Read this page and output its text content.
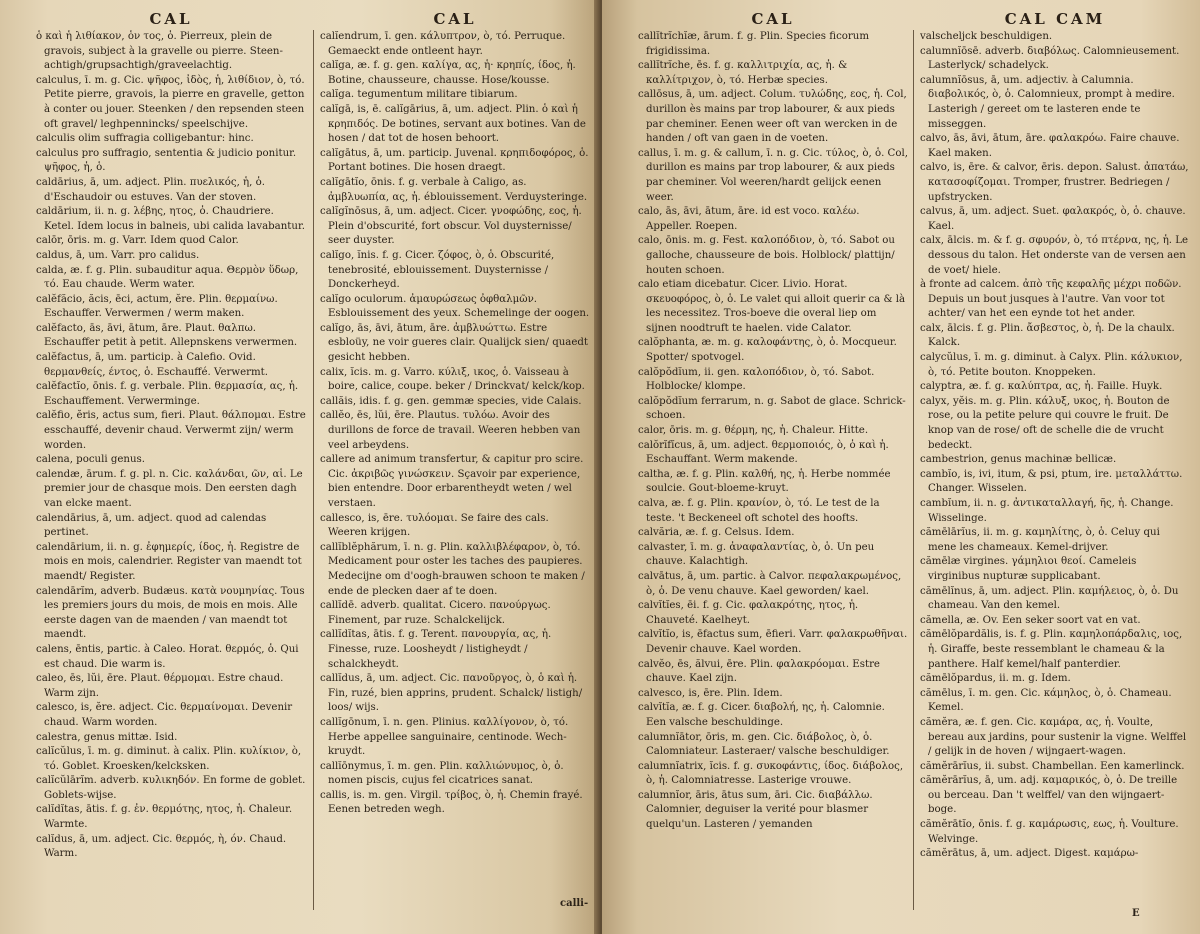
CAL

ὁ καὶ ἡ λιθίακον, ὁν τος, ὁ. Pierreux, plein de gravois, subject à la gravelle ou pierre. Steen-achtigh/grupsachtigh/graveelachtig.

calculus, ī. m. g. Cic. ψῆφος, ἰδὸς, ἡ, λιθίδιον, ὸ, τό. Petite pierre, gravois, la pierre en gravelle, getton à conter ou jouer. Steenken / den repsenden steen oft gravel/ leghpennincks/ speelschijve.

calculis olim suffragia colligebantur: hinc.

calculus pro suffragio, sententia & judicio ponitur. ψῆφος, ἡ, ὁ.

caldārius, ā, um. adject. Plin. πυελικός, ἡ, ὁ. d'Eschaudoir ou estuves. Van der stoven.

caldārium, ii. n. g. λέβης, ητος, ὁ. Chaudriere. Ketel. Idem locus in balneis, ubi calida lavabantur.

calōr, ōris. m. g. Varr. Idem quod Calor.

caldus, ā, um. Varr. pro calidus.

calda, æ. f. g. Plin. subauditur aqua. Θερμὸν ὕδωρ, τό. Eau chaude. Werm water.

calĕfăcio, ăcis, ēci, actum, ĕre. Plin. θερμαίνω. Eschauffer. Verwermen / werm maken.

calĕfacto, ās, āvi, ātum, āre. Plaut. θαλπω. Eschauffer petit à petit. Allepnskens verwermen.

calĕfactus, ā, um. particip. à Calefio. Ovid. θερμανθείς, έντος, ὁ. Eschauffé. Verwermt.

calĕfactĭo, ōnis. f. g. verbale. Plin. θερμασία, ας, ἡ. Eschauffement. Verwerminge.

calĕfio, ĕris, actus sum, fieri. Plaut. θάλπομαι. Estre esschauffé, devenir chaud. Verwermt zijn/ werm worden.

calena, poculi genus.

calendæ, ārum. f. g. pl. n. Cic. καλάνδαι, ῶν, αἱ. Le premier jour de chasque mois. Den eersten dagh van elcke maent.

calendārius, ā, um. adject. quod ad calendas pertinet.

calendārium, ii. n. g. ἐφημερίς, ίδος, ἡ. Registre de mois en mois, calendrier. Register van maendt tot maendt/ Register.

calendārĭm, adverb. Budæus. κατὰ νουμηνίας. Tous les premiers jours du mois, de mois en mois. Alle eerste dagen van de maenden / van maendt tot maendt.

calens, ēntis, partic. à Caleo. Horat. θερμός, ὁ. Qui est chaud. Die warm is.

caleo, ēs, lŭi, ēre. Plaut. θέρμομαι. Estre chaud. Warm zijn.

calesco, is, ĕre. adject. Cic. θερμαίνομαι. Devenir chaud. Warm worden.

calestra, genus mittæ. Isid.

calĭcŭlus, ī. m. g. diminut. à calix. Plin. κυλίκιον, ὸ, τό. Goblet. Kroesken/kelcksken.

calĭcŭlārĭm. adverb. κυλικηδόν. En forme de goblet. Goblets-wijse.

calĭdĭtas, ātis. f. g. ἐν. θερμότης, ητος, ἡ. Chaleur. Warmte.

calĭdus, ā, um. adject. Cic. θερμός, ὴ, όν. Chaud. Warm.

CAL

calĭendrum, ī. gen. κάλυπτρον, ὸ, τό. Perruque. Gemaeckt ende ontleent hayr.

calĭga, æ. f. g. gen. καλίγα, ας, ἡ· κρηπίς, ίδος, ἡ. Botine, chausseure, chausse. Hose/kousse.

calĭga. tegumentum militare tibiarum.

calĭgā, is, ē. calĭgārius, ā, um. adject. Plin. ὁ καὶ ἡ κρηπιδός. De botines, servant aux botines. Van de hosen / dat tot de hosen behoort.

calĭgātus, ā, um. particip. Juvenal. κρηπιδοφόρος, ὁ. Portant botines. Die hosen draegt.

calĭgātĭo, ōnis. f. g. verbale à Caligo, as. ἀμβλυωπία, ας, ἡ. éblouissement. Verduysteringe.

calĭgĭnōsus, ā, um. adject. Cicer. γνοφώδης, εος, ἡ. Plein d'obscurité, fort obscur. Vol duysternisse/ seer duyster.

calĭgo, ĭnis. f. g. Cicer. ζόφος, ὸ, ὁ. Obscurité, tenebrosité, eblouissement. Duysternisse / Donckerheyd.

calĭgo oculorum. ἀμαυρώσεως ὀφθαλμῶν. Esblouissement des yeux. Schemelinge der oogen.

calĭgo, ās, āvi, ātum, āre. ἀμβλυώττω. Estre esbloüy, ne voir gueres clair. Qualijck sien/ quaedt gesicht hebben.

calix, ĭcis. m. g. Varro. κύλιξ, ικος, ὁ. Vaisseau à boire, calice, coupe. beker / Drinckvat/ kelck/kop.

callăis, idis. f. g. gen. gemmæ species, vide Calais.

callĕo, ēs, lŭi, ēre. Plautus. τυλόω. Avoir des durillons de force de travail. Weeren hebben van veel arbeydens.

callere ad animum transfertur, & capitur pro scire. Cic. ἀκριβῶς γινώσκειν. Sçavoir par experience, bien entendre. Door erbarentheydt weten / wel verstaen.

callesco, is, ēre. τυλόομαι. Se faire des cals. Weeren krijgen.

callĭblĕphărum, ī. n. g. Plin. καλλιβλέφαρον, ὸ, τό. Medicament pour oster les taches des paupieres. Medecijne om d'oogh-brauwen schoon te maken / ende de plecken daer af te doen.

callĭdē. adverb. qualitat. Cicero. πανούργως. Finement, par ruze. Schalckelijck.

callĭdĭtas, ātis. f. g. Terent. πανουργία, ας, ἡ. Finesse, ruze. Loosheydt / listigheydt / schalckheydt.

callĭdus, ā, um. adject. Cic. πανοῦργος, ὸ, ὁ καὶ ἡ. Fin, ruzé, bien apprins, prudent. Schalck/ listigh/ loos/ wijs.

callĭgōnum, ī. n. gen. Plinius. καλλίγονον, ὸ, τό. Herbe appellee sanguinaire, centinode. Wech-kruydt.

callĭōnymus, ī. m. gen. Plin. καλλιώνυμος, ὸ, ὁ. nomen piscis, cujus fel cicatrices sanat.

callis, is. m. gen. Virgil. τρίβος, ὸ, ἡ. Chemin frayé. Eenen betreden wegh.

calli-
CAL

callĭtrĭchĭæ, ārum. f. g. Plin. Species ficorum frigidissima.

callĭtrĭche, ēs. f. g. καλλιτριχία, ας, ἡ. & καλλίτριχον, ὸ, τό. Herbæ species.

callōsus, ā, um. adject. Colum. τυλώδης, εος, ἡ. Col, durillon ès mains par trop labourer, & aux pieds par cheminer. Eenen weer oft van wercken in de handen / oft van gaen in de voeten.

callus, ī. m. g. & callum, ī. n. g. Cic. τύλος, ὸ, ὁ. Col, durillon es mains par trop labourer, & aux pieds par cheminer. Vol weeren/hardt gelijck eenen weer.

calo, ās, āvi, ātum, āre. id est voco. καλέω. Appeller. Roepen.

calo, ōnis. m. g. Fest. καλοπόδιον, ὸ, τό. Sabot ou galloche, chausseure de bois. Holblock/ plattijn/ houten schoen.

calo etiam dicebatur. Cicer. Livio. Horat. σκευοφόρος, ὸ, ὁ. Le valet qui alloit querir ca & là les necessitez. Tros-boeve die overal liep om sijnen noodtruft te haelen. vide Calator.

calŏphanta, æ. m. g. καλοφάντης, ὸ, ὁ. Mocqueur. Spotter/ spotvogel.

calŏpŏdĭum, ii. gen. καλοπόδιον, ὸ, τό. Sabot. Holblocke/ klompe.

calŏpŏdĭum ferrarum, n. g. Sabot de glace. Schrick-schoen.

calor, ōris. m. g. θέρμη, ης, ἡ. Chaleur. Hitte.

calŏrĭfĭcus, ā, um. adject. θερμοποιός, ὸ, ὁ καὶ ἡ. Eschauffant. Werm makende.

caltha, æ. f. g. Plin. καλθή, ης, ἡ. Herbe nommée soulcie. Gout-bloeme-kruyt.

calva, æ. f. g. Plin. κρανίον, ὸ, τό. Le test de la teste. 't Beckeneel oft schotel des hoofts.

calvăria, æ. f. g. Celsus. Idem.

calvaster, ī. m. g. ἀναφαλαντίας, ὸ, ὁ. Un peu chauve. Kalachtigh.

calvātus, ā, um. partic. à Calvor. πεφαλακρωμένος, ὸ, ὁ. De venu chauve. Kael geworden/ kael.

calvĭtĭes, ēi. f. g. Cic. φαλακρότης, ητος, ἡ. Chauveté. Kaelheyt.

calvĭtĭo, is, ēfactus sum, ēfieri. Varr. φαλακρωθῆναι. Devenir chauve. Kael worden.

calvĕo, ēs, ălvui, ēre. Plin. φαλακρόομαι. Estre chauve. Kael zijn.

calvesco, is, ēre. Plin. Idem.

calvĭtĭa, æ. f. g. Cicer. διαβολή, ης, ἡ. Calomnie. Een valsche beschuldinge.

calumnĭātor, ōris, m. gen. Cic. διάβολος, ὸ, ὁ. Calomniateur. Lasteraer/ valsche beschuldiger.

calumnĭatrix, ĭcis. f. g. συκοφάντις, ίδος. διάβολος, ὸ, ἡ. Calomniatresse. Lasterige vrouwe.

calumnĭor, āris, ātus sum, āri. Cic. διαβάλλω. Calomnier, deguiser la verité pour blasmer quelqu'un. Lasteren / yemanden

CAL CAM

valscheljck beschuldigen.

calumnĭōsē. adverb. διαβόλως. Calomnieusement. Lasterlyck/ schadelyck.

calumnĭōsus, ā, um. adjectiv. à Calumnia. διαβολικός, ὸ, ὁ. Calomnieux, prompt à medire. Lasterigh / gereet om te lasteren ende te misseggen.

calvo, ās, āvi, ātum, āre. φαλακρόω. Faire chauve. Kael maken.

calvo, is, ēre. & calvor, ēris. depon. Salust. ἀπατάω, κατασοφίζομαι. Tromper, frustrer. Bedriegen / upfstrycken.

calvus, ā, um. adject. Suet. φαλακρός, ὸ, ὁ. chauve. Kael.

calx, ālcis. m. & f. g. σφυρόν, ὸ, τό πτέρνα, ης, ἡ. Le dessous du talon. Het onderste van de versen aen de voet/ hiele.

à fronte ad calcem. ἀπὸ τῆς κεφαλῆς μέχρι ποδῶν. Depuis un bout jusques à l'autre. Van voor tot achter/ van het een eynde tot het ander.

calx, ālcis. f. g. Plin. ἄσβεστος, ὸ, ἡ. De la chaulx. Kalck.

calycŭlus, ī. m. g. diminut. à Calyx. Plin. κάλυκιον, ὸ, τό. Petite bouton. Knoppeken.

calyptra, æ. f. g. καλύπτρα, ας, ἡ. Faille. Huyk.

calyx, yĕis. m. g. Plin. κάλυξ, υκος, ἡ. Bouton de rose, ou la petite pelure qui couvre le fruit. De knop van de rose/ oft de schelle die de vrucht bedeckt.

cambestrion, genus machinæ bellicæ.

cambĭo, is, ivi, itum, & psi, ptum, ire. μεταλλάττω. Changer. Wisselen.

cambĭum, ii. n. g. ἀντικαταλλαγή, ῆς, ἡ. Change. Wisselinge.

cămēlārĭus, ii. m. g. καμηλίτης, ὸ, ὁ. Celuy qui mene les chameaux. Kemel-drijver.

cămēlæ virgines. γάμηλιοι θεοί. Cameleis virginibus nupturæ supplicabant.

cămēlĭnus, ā, um. adject. Plin. καμήλειος, ὸ, ὁ. Du chameau. Van den kemel.

cămella, æ. Ov. Een seker soort vat en vat.

cămēlŏpardălis, is. f. g. Plin. καμηλοπάρδαλις, ιος, ἡ. Giraffe, beste ressemblant le chameau & la panthere. Half kemel/half panterdier.

cămēlŏpardus, ii. m. g. Idem.

cămēlus, ī. m. gen. Cic. κάμηλος, ὸ, ὁ. Chameau. Kemel.

cămĕra, æ. f. gen. Cic. καμάρα, ας, ἡ. Voulte, bereau aux jardins, pour sustenir la vigne. Welffel / gelijk in de hoven / wijngaert-wagen.

cămĕrārĭus, ii. subst. Chambellan. Een kamerlinck.

cămĕrārĭus, ā, um. adj. καμαρικός, ὸ, ὁ. De treille ou berceau. Dan 't welffel/ van den wijngaert-boge.

cămĕrātĭo, ōnis. f. g. καμάρωσις, εως, ἡ. Voulture. Welvinge.

cămĕrātus, ā, um. adject. Digest. καμάρω-

E
